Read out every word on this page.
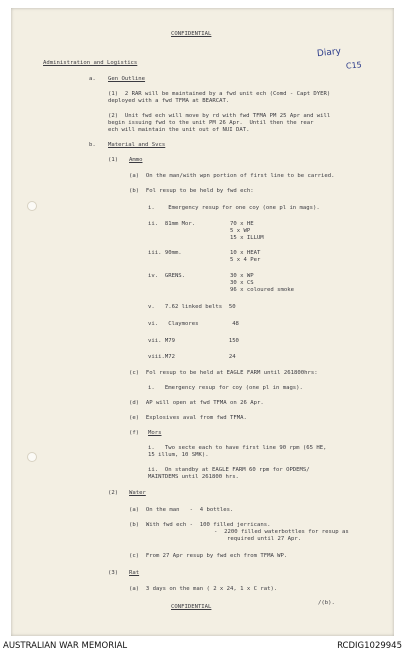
CONFIDENTIAL
Diary
C15
Administration and Logistics
a. Gen Outline
(1)  2 RAR will be maintained by a fwd unit ech (Comd - Capt DYER)
deployed with a fwd TFMA at BEARCAT.
(2)  Unit fwd ech will move by rd with fwd TFMA PM 25 Apr and will
begin issuing fwd to the unit PM 26 Apr.  Until then the rear
ech will maintain the unit out of NUI DAT.
b. Material and Svcs
(1) Ammo
(a)  On the man/with wpn portion of first line to be carried.
(b)  Fol resup to be held by fwd ech:
i.    Emergency resup for one coy (one pl in mags).
ii.  81mm Mor.	70 x HE
5 x WP
15 x ILLUM
iii. 90mm.	10 x HEAT
5 x 4 Per
iv.  GRENS.	30 x WP
30 x CS
96 x coloured smoke
v.   7.62 linked belts  50
vi.   Claymores          48
vii. M79                150
viii.M72                24
(c)  Fol resup to be held at EAGLE FARM until 261800hrs:
i.   Emergency resup for coy (one pl in mags).
(d)  AP will open at fwd TFMA on 26 Apr.
(e)  Explosives aval from fwd TFMA.
(f) Mors
i.   Two secte each to have first line 90 rpm (65 HE,
15 illum, 10 SMK).
ii.  On standby at EAGLE FARM 60 rpm for OPDEMS/
MAINTDEMS until 261800 hrs.
(2) Water
(a)  On the man   -  4 bottles.
(b)  With fwd ech -  100 filled jerricans.
-  2200 filled waterbottles for resup as
required until 27 Apr.
(c)  From 27 Apr resup by fwd ech from TFMA WP.
(3) Rat
(a)  3 days on the man ( 2 x 24, 1 x C rat).
CONFIDENTIAL
/(b).
AUSTRALIAN WAR MEMORIAL	RCDIG1029945
